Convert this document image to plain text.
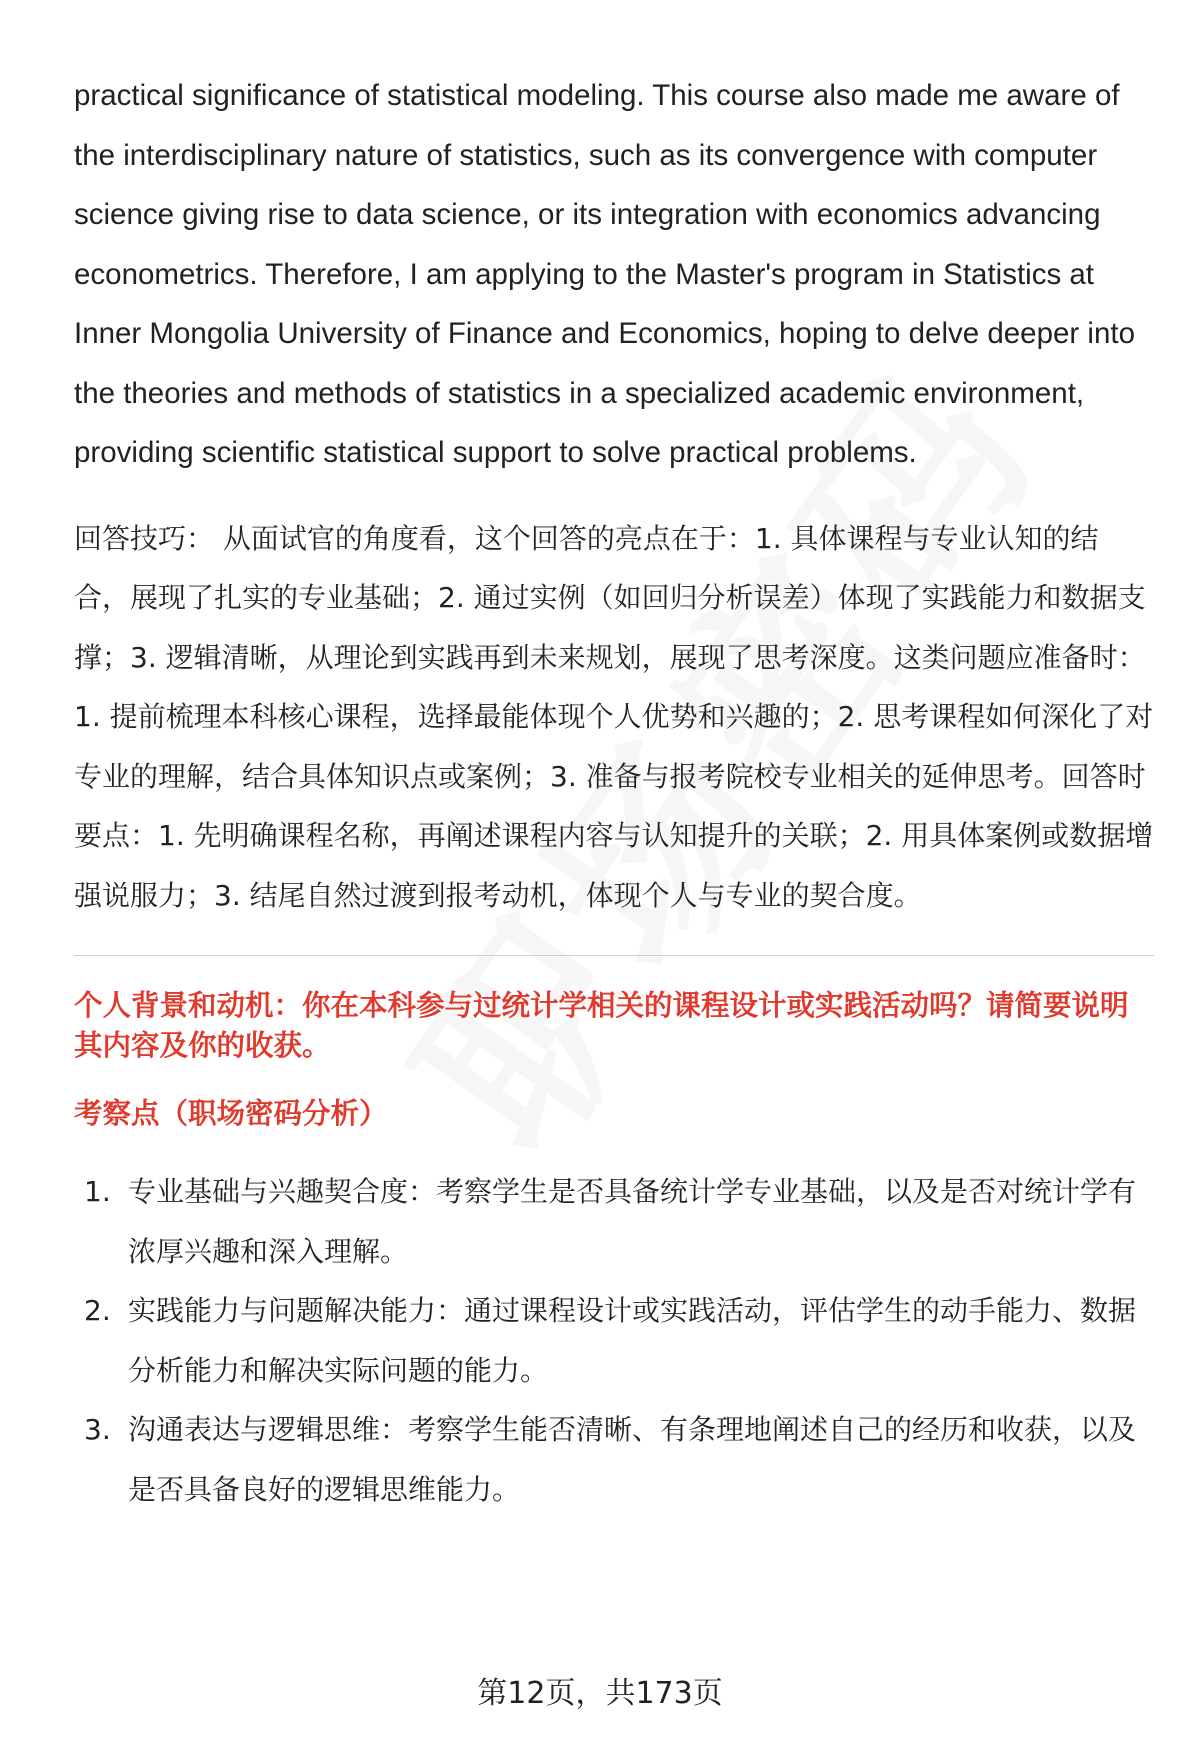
practical significance of statistical modeling. This course also made me aware of the interdisciplinary nature of statistics, such as its convergence with computer science giving rise to data science, or its integration with economics advancing econometrics. Therefore, I am applying to the Master's program in Statistics at Inner Mongolia University of Finance and Economics, hoping to delve deeper into the theories and methods of statistics in a specialized academic environment, providing scientific statistical support to solve practical problems.

回答技巧： 从面试官的角度看，这个回答的亮点在于：1. 具体课程与专业认知的结合，展现了扎实的专业基础；2. 通过实例（如回归分析误差）体现了实践能力和数据支撑；3. 逻辑清晰，从理论到实践再到未来规划，展现了思考深度。这类问题应准备时：1. 提前梳理本科核心课程，选择最能体现个人优势和兴趣的；2. 思考课程如何深化了对专业的理解，结合具体知识点或案例；3. 准备与报考院校专业相关的延伸思考。回答时要点：1. 先明确课程名称，再阐述课程内容与认知提升的关联；2. 用具体案例或数据增强说服力；3. 结尾自然过渡到报考动机，体现个人与专业的契合度。

个人背景和动机：你在本科参与过统计学相关的课程设计或实践活动吗？请简要说明其内容及你的收获。
考察点（职场密码分析）
1. 专业基础与兴趣契合度：考察学生是否具备统计学专业基础，以及是否对统计学有浓厚兴趣和深入理解。
2. 实践能力与问题解决能力：通过课程设计或实践活动，评估学生的动手能力、数据分析能力和解决实际问题的能力。
3. 沟通表达与逻辑思维：考察学生能否清晰、有条理地阐述自己的经历和收获，以及是否具备良好的逻辑思维能力。
第12页，共173页
